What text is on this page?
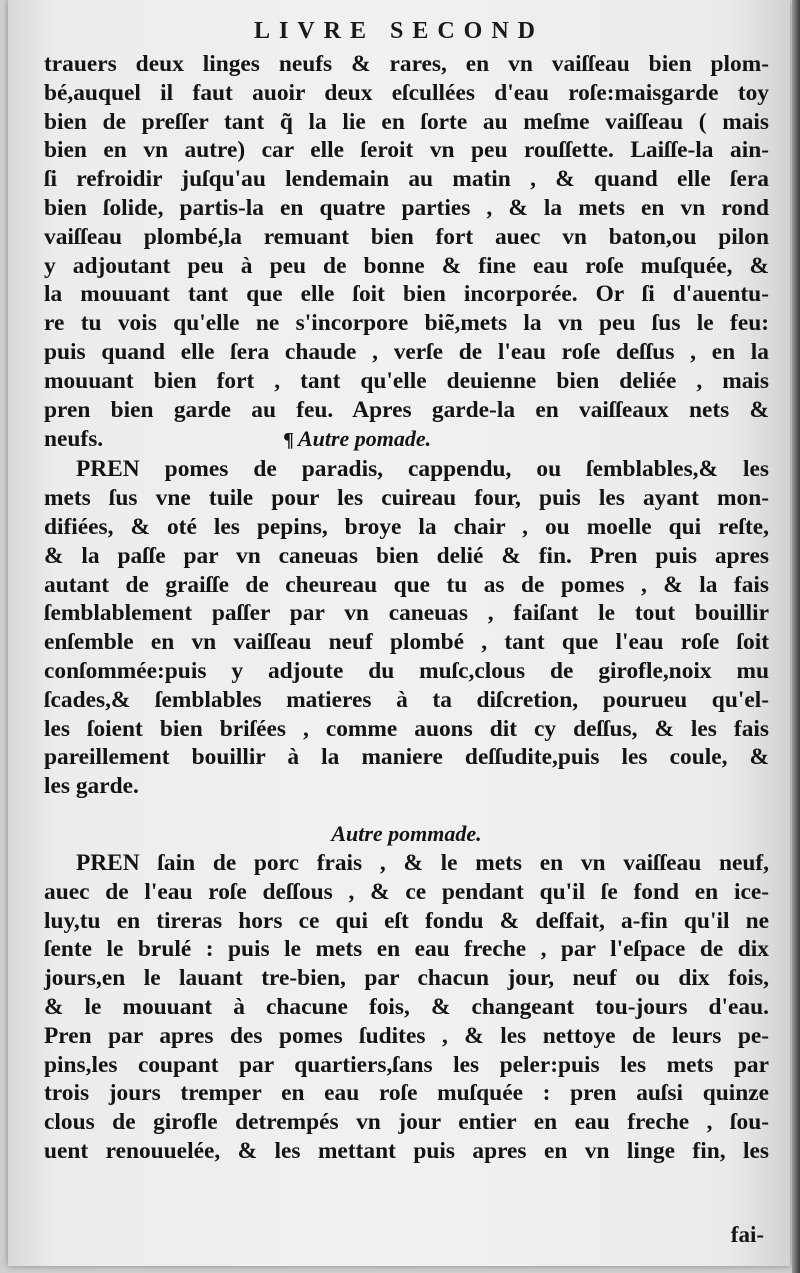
LIVRE SECOND
trauers deux linges neufs & rares, en vn vaiſſeau bien plom-
bé,auquel il faut auoir deux eſcullées d'eau roſe:maisgarde toy
bien de preſſer tant q̃ la lie en ſorte au meſme vaiſſeau ( mais
bien en vn autre) car elle ſeroit vn peu rouſſette. Laiſſe-la ain-
ſi refroidir juſqu'au lendemain au matin , & quand elle ſera
bien ſolide, partis-la en quatre parties , & la mets en vn rond
vaiſſeau plombé,la remuant bien fort auec vn baton,ou pilon
y adjoutant peu à peu de bonne & fine eau roſe muſquée, &
la mouuant tant que elle ſoit bien incorporée. Or ſi d'auentu-
re tu vois qu'elle ne s'incorpore biẽ,mets la vn peu ſus le feu:
puis quand elle ſera chaude , verſe de l'eau roſe deſſus , en la
mouuant bien fort , tant qu'elle deuienne bien deliée , mais
pren bien garde au feu. Apres garde-la en vaiſſeaux nets &
neufs.	¶ Autre pomade.
PREN pomes de paradis, cappendu, ou ſemblables,& les
mets ſus vne tuile pour les cuireau four, puis les ayant mon-
difiées, & oté les pepins, broye la chair , ou moelle qui reſte,
& la paſſe par vn caneuas bien delié & fin. Pren puis apres
autant de graiſſe de cheureau que tu as de pomes , & la fais
ſemblablement paſſer par vn caneuas , faiſant le tout bouillir
enſemble en vn vaiſſeau neuf plombé , tant que l'eau roſe ſoit
conſommée:puis y adjoute du muſc,clous de girofle,noix mu
ſcades,& ſemblables matieres à ta diſcretion, pourueu qu'el-
les ſoient bien briſées , comme auons dit cy deſſus, & les fais
pareillement bouillir à la maniere deſſudite,puis les coule, &
les garde.
Autre pommade.
PREN ſain de porc frais , & le mets en vn vaiſſeau neuf,
auec de l'eau roſe deſſous , & ce pendant qu'il ſe fond en ice-
luy,tu en tireras hors ce qui eſt fondu & deſfait, a-fin qu'il ne
ſente le brulé : puis le mets en eau freche , par l'eſpace de dix
jours,en le lauant tre-bien, par chacun jour, neuf ou dix fois,
& le mouuant à chacune fois, & changeant tou-jours d'eau.
Pren par apres des pomes ſudites , & les nettoye de leurs pe-
pins,les coupant par quartiers,ſans les peler:puis les mets par
trois jours tremper en eau roſe muſquée : pren auſsi quinze
clous de girofle detrempés vn jour entier en eau freche , ſou-
uent renouuelée, & les mettant puis apres en vn linge fin, les
fai-
